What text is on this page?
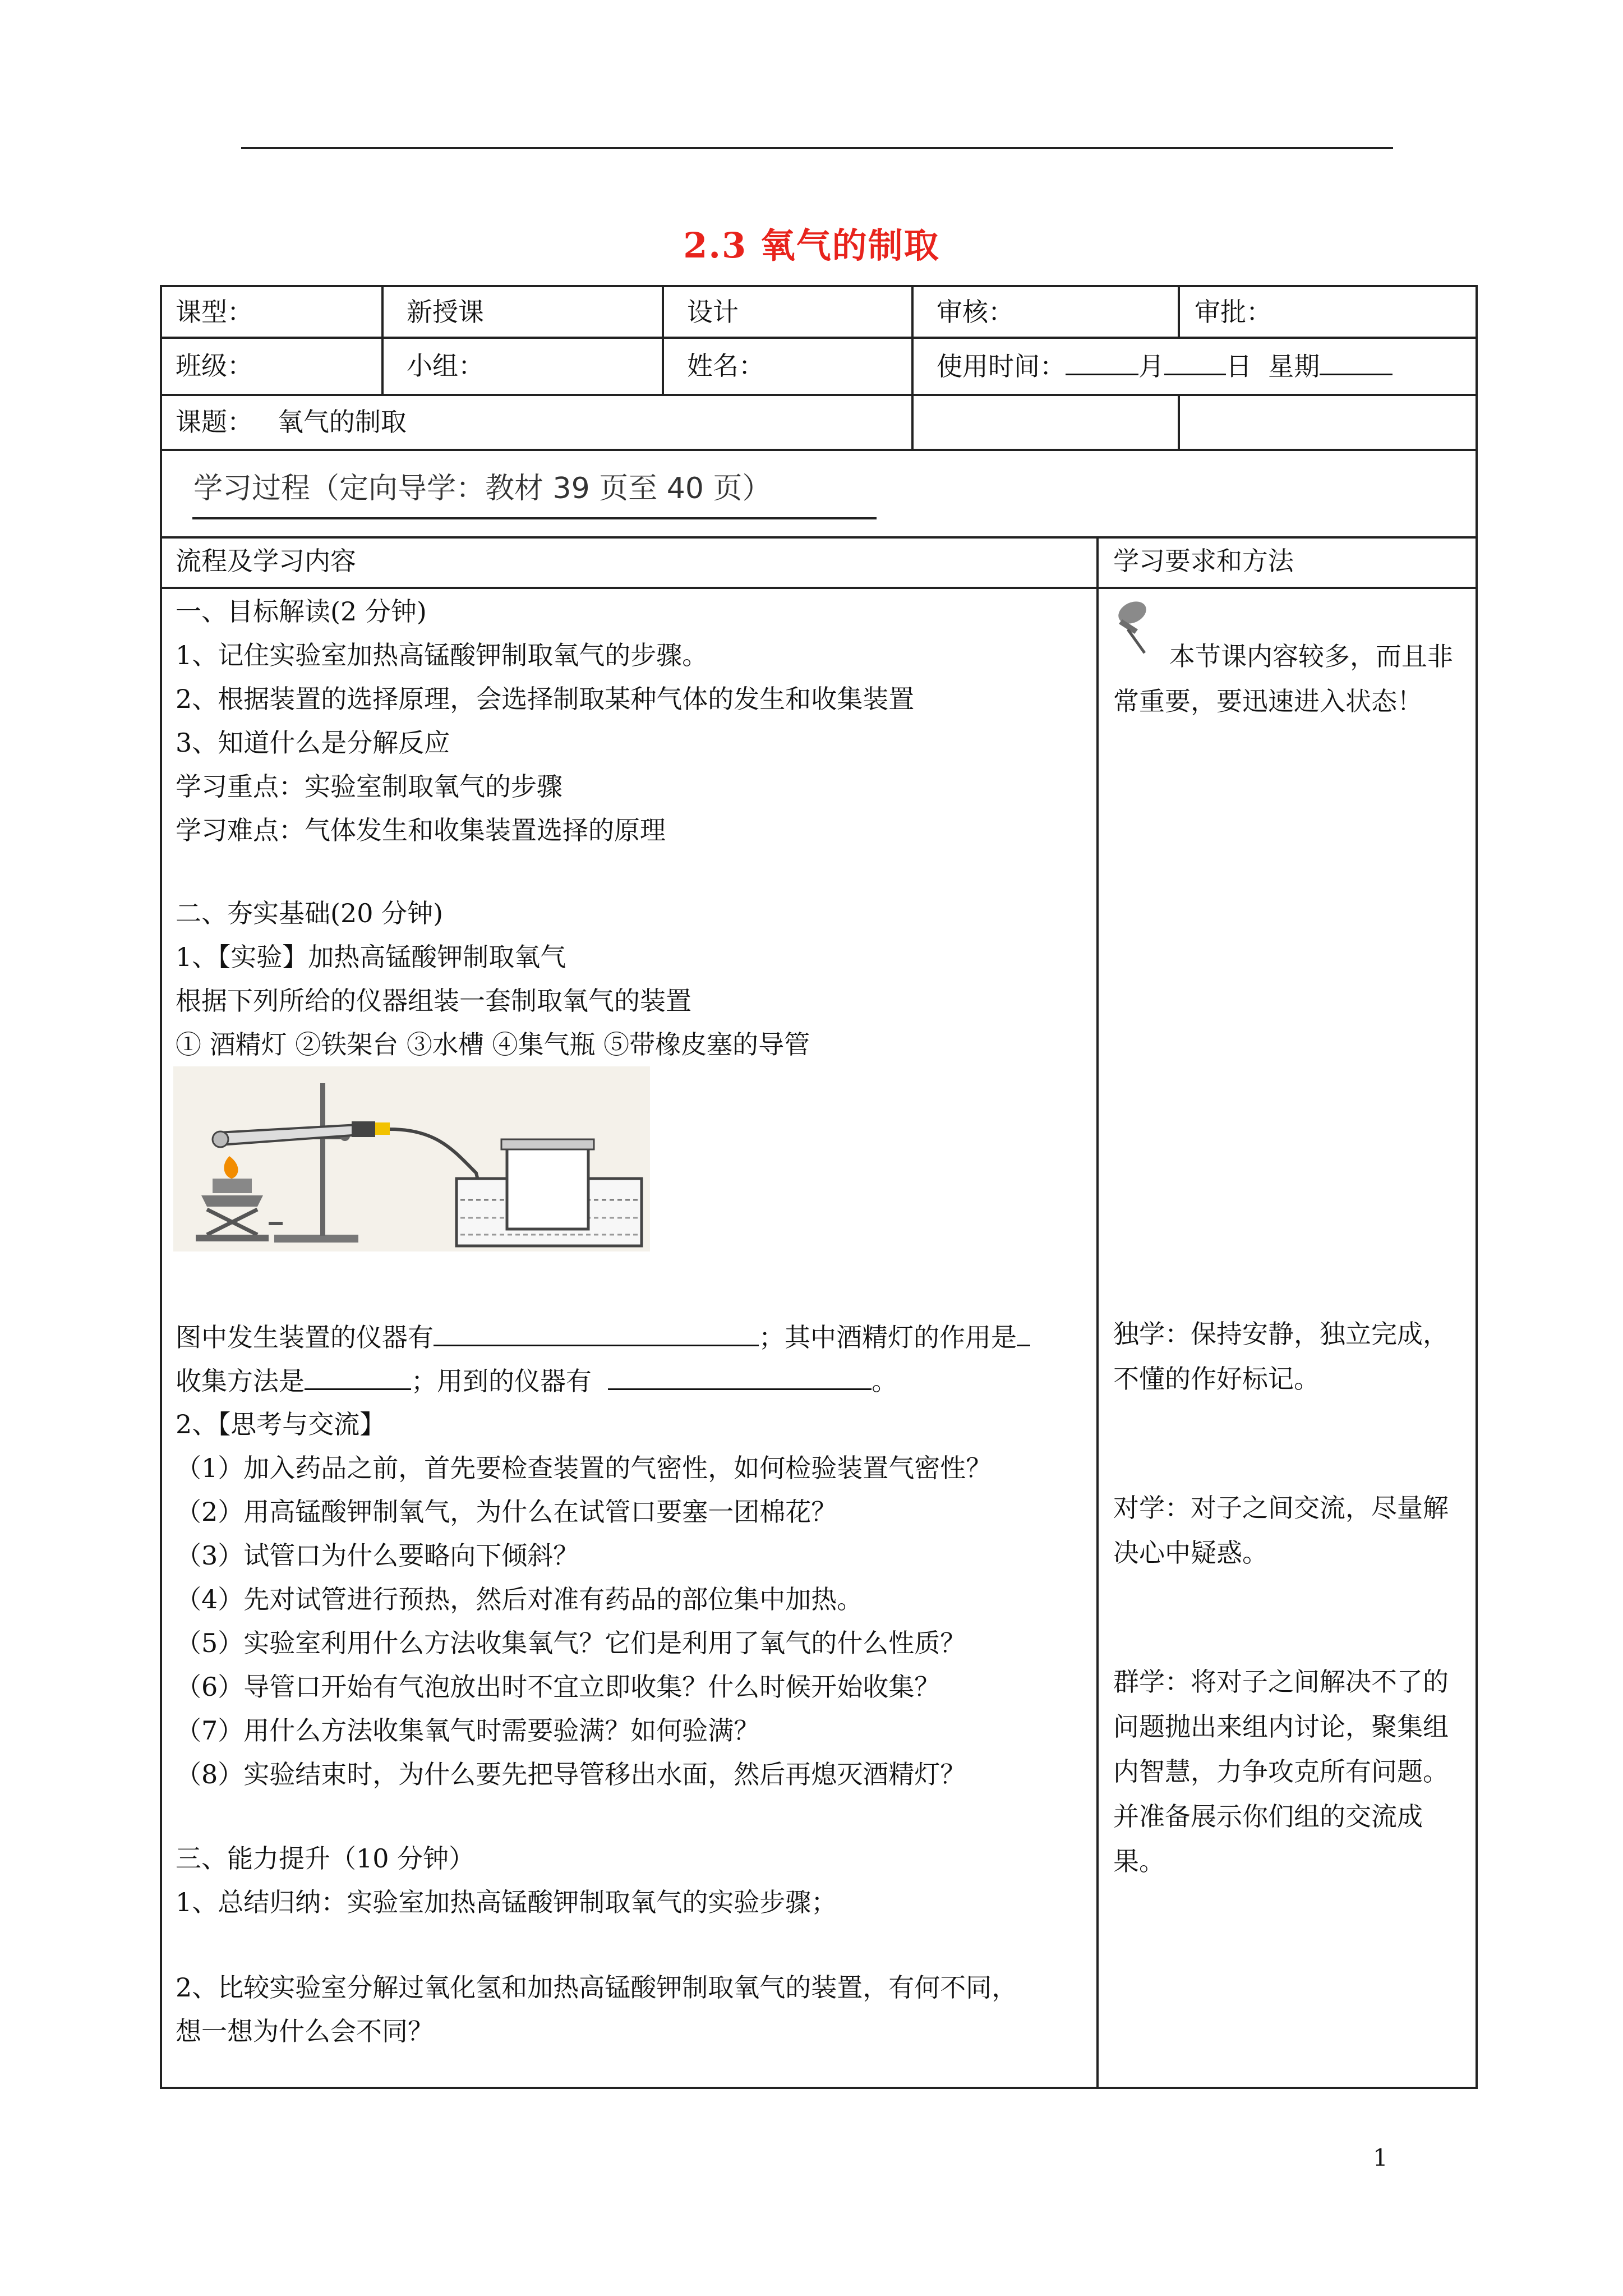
2.3 氧气的制取
课型：	新授课	设计	审核：	审批：
班级：	小组：	姓名：	使用时间：	月 日 星期
课题： 氧气的制取
学习过程（定向导学：教材 39 页至 40 页）
流程及学习内容	学习要求和方法
一、目标解读(2 分钟)
1、记住实验室加热高锰酸钾制取氧气的步骤。
2、根据装置的选择原理，会选择制取某种气体的发生和收集装置
3、知道什么是分解反应
学习重点：实验室制取氧气的步骤
学习难点：气体发生和收集装置选择的原理
二、夯实基础(20 分钟)
1、【实验】加热高锰酸钾制取氧气
根据下列所给的仪器组装一套制取氧气的装置
① 酒精灯 ②铁架台 ③水槽 ④集气瓶 ⑤带橡皮塞的导管
图中发生装置的仪器有	；其中酒精灯的作用是
收集方法是	；用到的仪器有	。
2、【思考与交流】
（1）加入药品之前，首先要检查装置的气密性，如何检验装置气密性？
（2）用高锰酸钾制氧气，为什么在试管口要塞一团棉花？
（3）试管口为什么要略向下倾斜？
（4）先对试管进行预热，然后对准有药品的部位集中加热。
（5）实验室利用什么方法收集氧气？它们是利用了氧气的什么性质？
（6）导管口开始有气泡放出时不宜立即收集？什么时候开始收集？
（7）用什么方法收集氧气时需要验满？如何验满？
（8）实验结束时，为什么要先把导管移出水面，然后再熄灭酒精灯？
三、能力提升（10 分钟）
1、总结归纳：实验室加热高锰酸钾制取氧气的实验步骤；
2、比较实验室分解过氧化氢和加热高锰酸钾制取氧气的装置，有何不同，
想一想为什么会不同？
本节课内容较多，而且非常重要，要迅速进入状态！
独学：保持安静，独立完成，不懂的作好标记。
对学：对子之间交流，尽量解决心中疑惑。
群学：将对子之间解决不了的问题抛出来组内讨论，聚集组内智慧，力争攻克所有问题。并准备展示你们组的交流成果。
1
